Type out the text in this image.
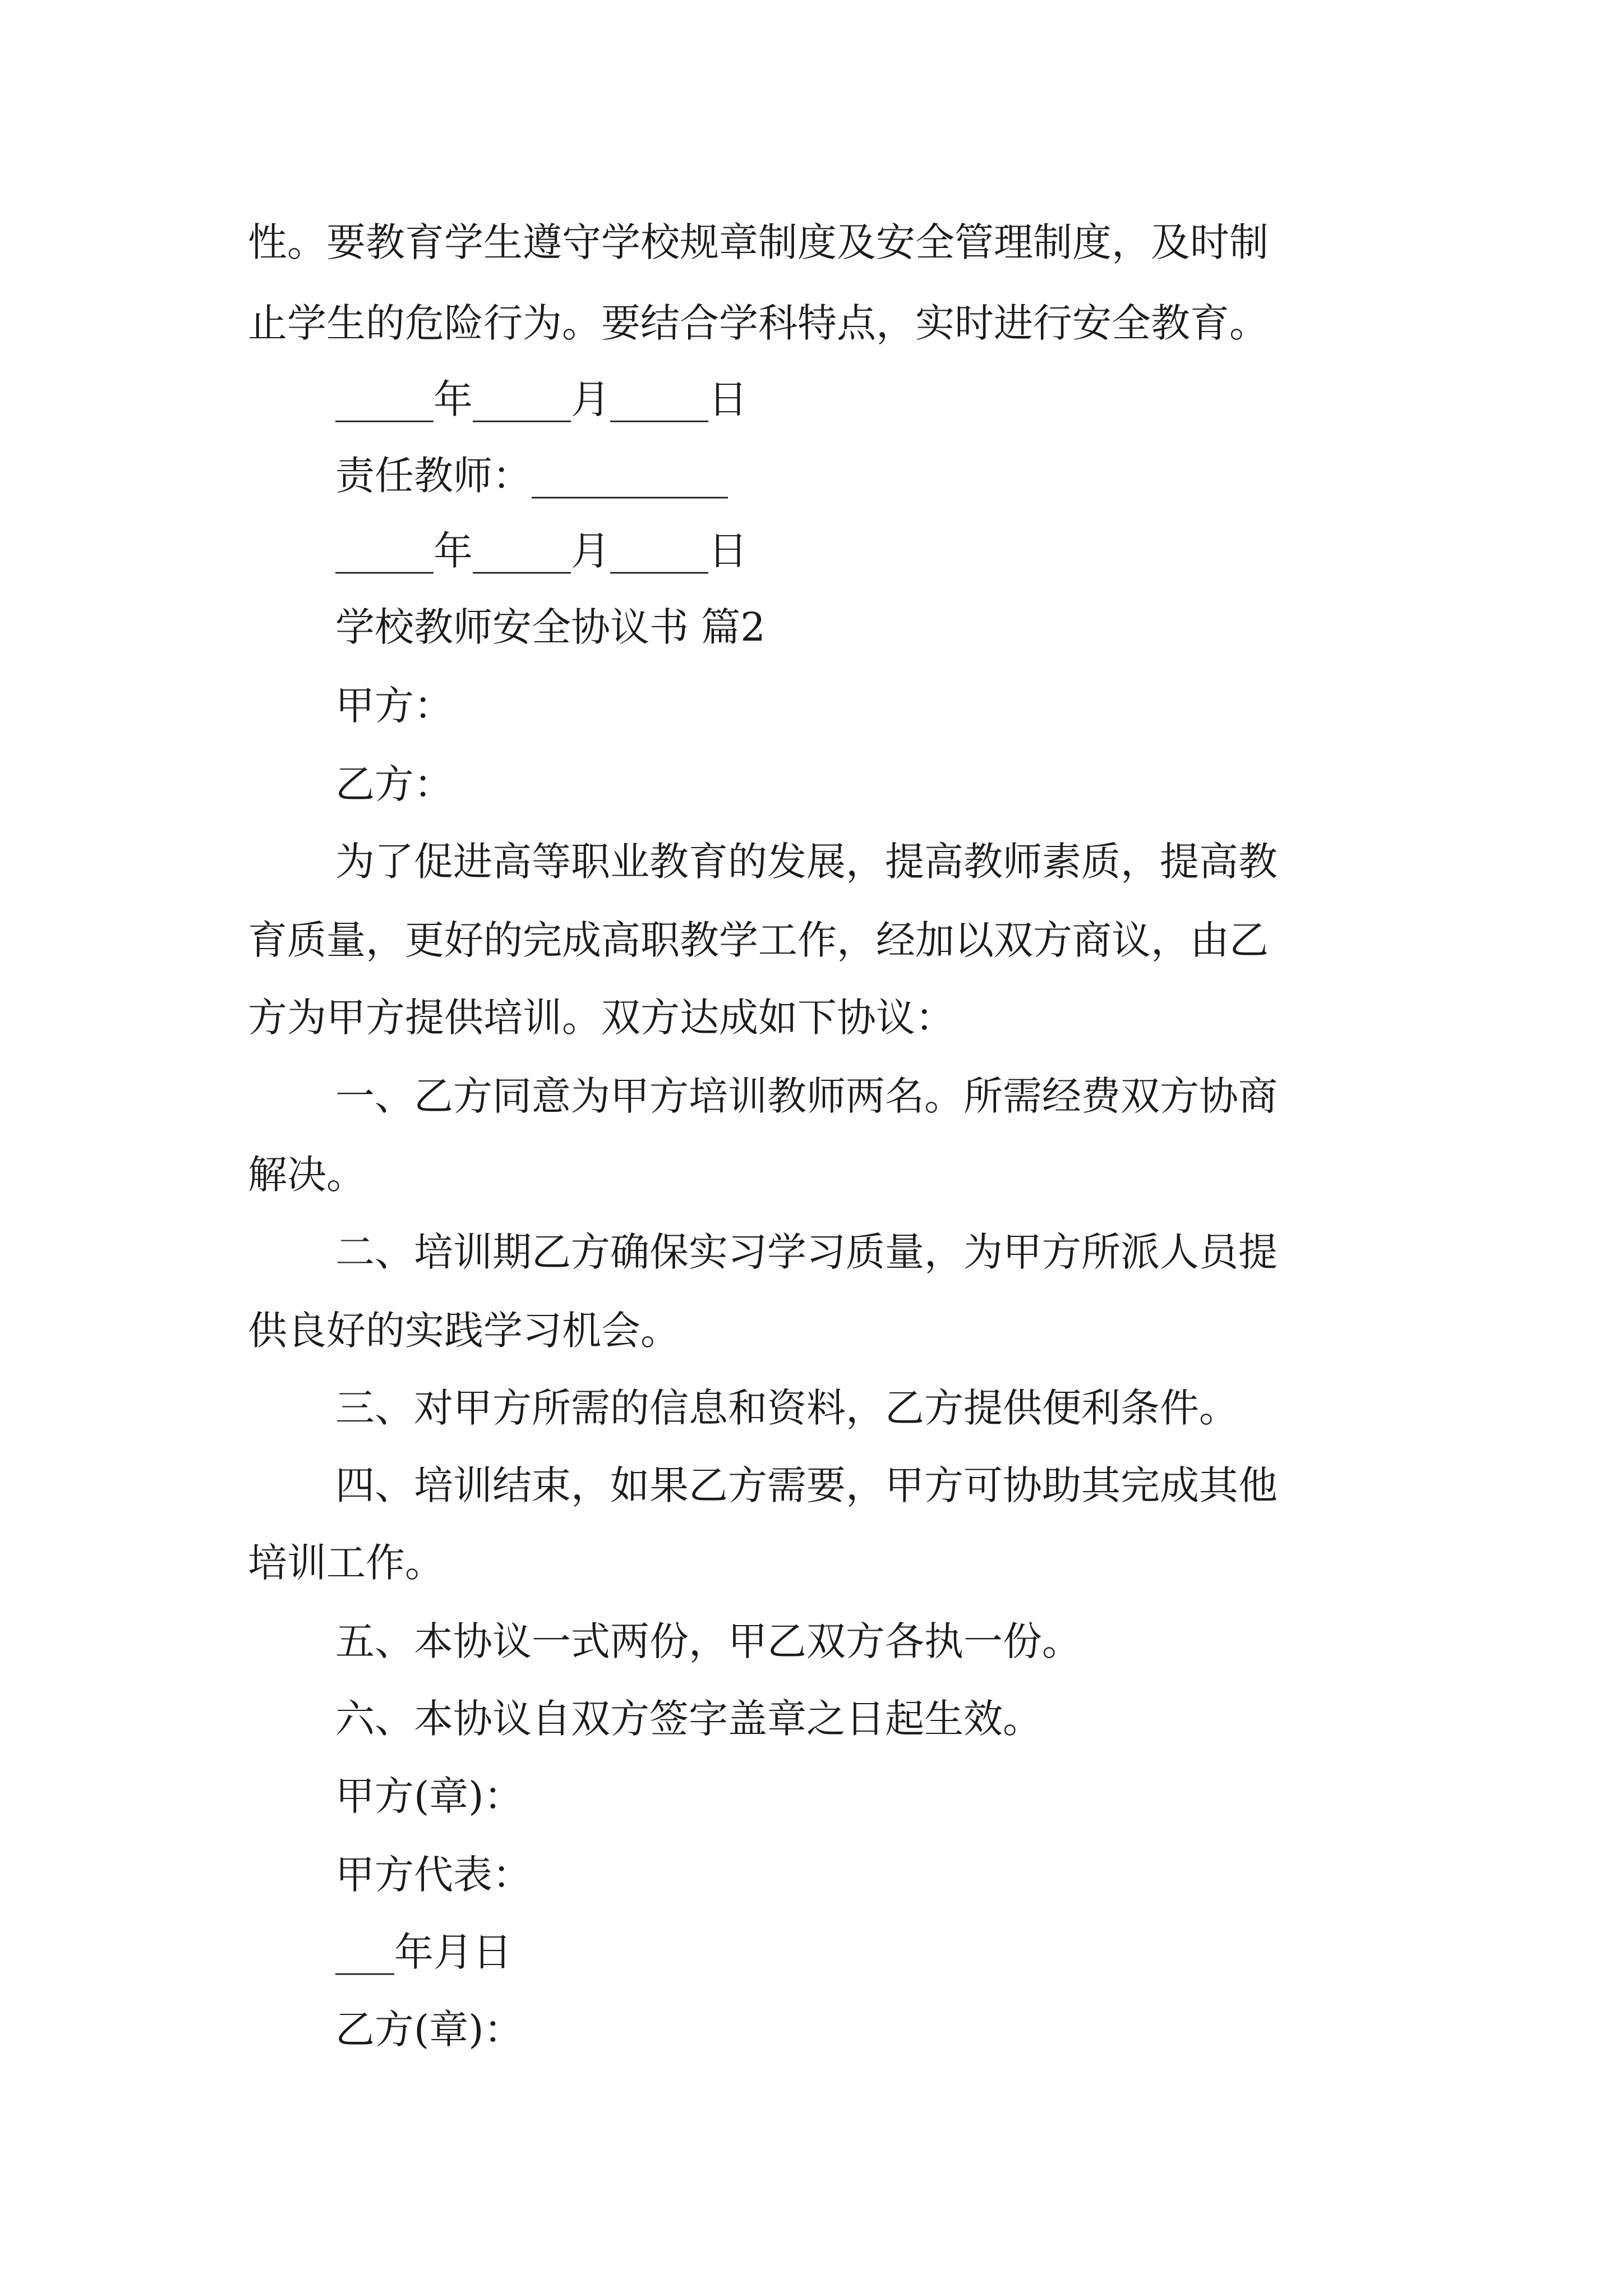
性。要教育学生遵守学校规章制度及安全管理制度，及时制
止学生的危险行为。要结合学科特点，实时进行安全教育。
_____年_____月_____日
责任教师：__________
_____年_____月_____日
学校教师安全协议书 篇2
甲方：
乙方：
为了促进高等职业教育的发展，提高教师素质，提高教
育质量，更好的完成高职教学工作，经加以双方商议，由乙
方为甲方提供培训。双方达成如下协议：
一、乙方同意为甲方培训教师两名。所需经费双方协商
解决。
二、培训期乙方确保实习学习质量，为甲方所派人员提
供良好的实践学习机会。
三、对甲方所需的信息和资料，乙方提供便利条件。
四、培训结束，如果乙方需要，甲方可协助其完成其他
培训工作。
五、本协议一式两份，甲乙双方各执一份。
六、本协议自双方签字盖章之日起生效。
甲方(章)：
甲方代表：
___年月日
乙方(章)：
